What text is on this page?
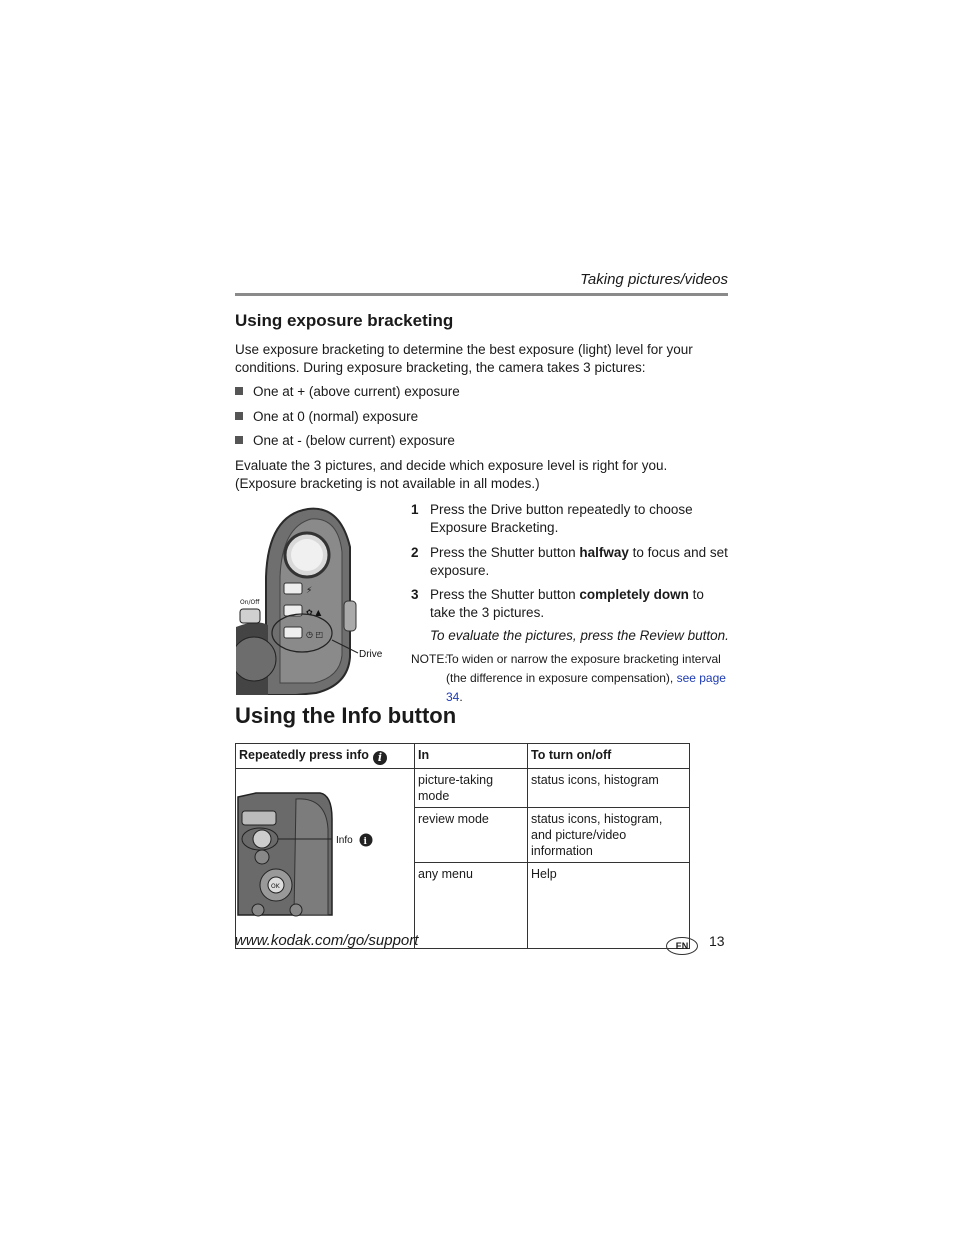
Taking pictures/videos
Using exposure bracketing
Use exposure bracketing to determine the best exposure (light) level for your conditions. During exposure bracketing, the camera takes 3 pictures:
One at + (above current) exposure
One at 0 (normal) exposure
One at - (below current) exposure
Evaluate the 3 pictures, and decide which exposure level is right for you. (Exposure bracketing is not available in all modes.)
⚡
✿ ▲
◷ ◰
On/Off
Drive
1 Press the Drive button repeatedly to choose Exposure Bracketing.
2 Press the Shutter button halfway to focus and set exposure.
3 Press the Shutter button completely down to take the 3 pictures.
To evaluate the pictures, press the Review button.
NOTE:
To widen or narrow the exposure bracketing interval (the difference in exposure compensation), see page 34.
Using the Info button
Repeatedly press info i	In	To turn on/off

OK
Info i	picture-taking mode	status icons, histogram
	review mode	status icons, histogram, and picture/video information
	any menu	Help
www.kodak.com/go/support	EN	13
